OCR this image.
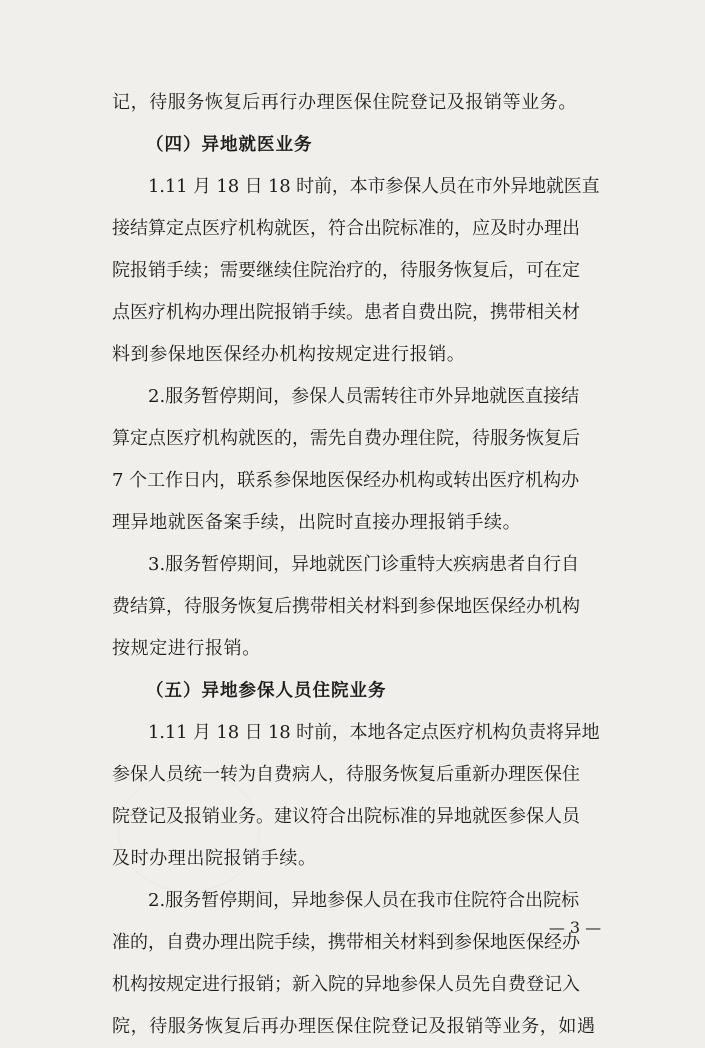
记，待服务恢复后再行办理医保住院登记及报销等业务。
（四）异地就医业务
1.11 月 18 日 18 时前，本市参保人员在市外异地就医直
接结算定点医疗机构就医，符合出院标准的，应及时办理出
院报销手续；需要继续住院治疗的，待服务恢复后，可在定
点医疗机构办理出院报销手续。患者自费出院，携带相关材
料到参保地医保经办机构按规定进行报销。
2.服务暂停期间，参保人员需转往市外异地就医直接结
算定点医疗机构就医的，需先自费办理住院，待服务恢复后
7 个工作日内，联系参保地医保经办机构或转出医疗机构办
理异地就医备案手续，出院时直接办理报销手续。
3.服务暂停期间，异地就医门诊重特大疾病患者自行自
费结算，待服务恢复后携带相关材料到参保地医保经办机构
按规定进行报销。
（五）异地参保人员住院业务
1.11 月 18 日 18 时前，本地各定点医疗机构负责将异地
参保人员统一转为自费病人，待服务恢复后重新办理医保住
院登记及报销业务。建议符合出院标准的异地就医参保人员
及时办理出院报销手续。
2.服务暂停期间，异地参保人员在我市住院符合出院标
准的，自费办理出院手续，携带相关材料到参保地医保经办
机构按规定进行报销；新入院的异地参保人员先自费登记入
院，待服务恢复后再办理医保住院登记及报销等业务，如遇
— 3 —
